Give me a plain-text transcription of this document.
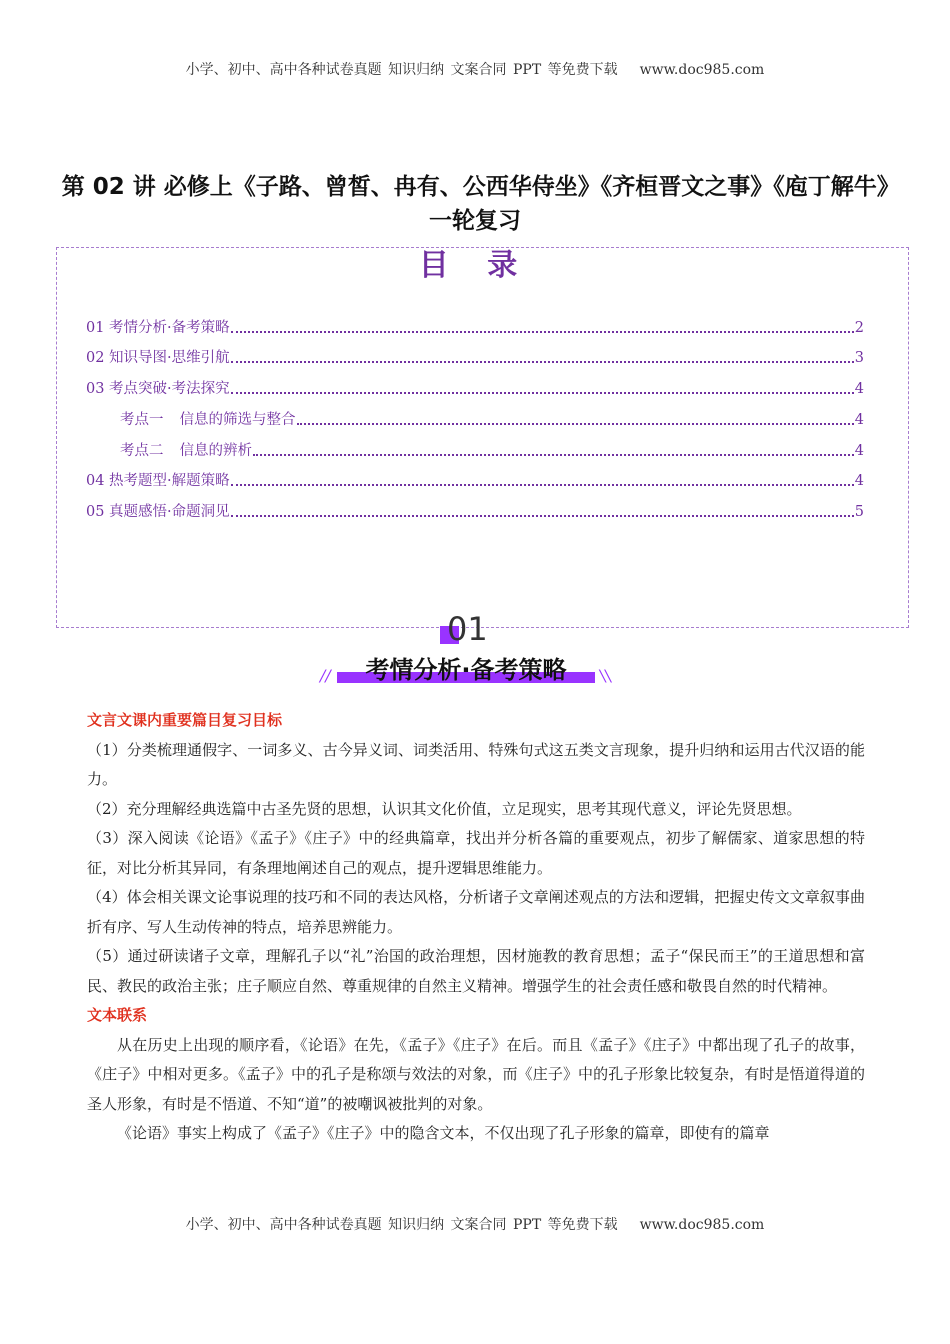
小学、初中、高中各种试卷真题 知识归纳 文案合同 PPT 等免费下载 www.doc985.com
第 02 讲 必修上《子路、曾皙、冉有、公西华侍坐》《齐桓晋文之事》《庖丁解牛》一轮复习
目 录
01 考情分析·备考策略	2
02 知识导图·思维引航	3
03 考点突破·考法探究	4
考点一 信息的筛选与整合	4
考点二 信息的辨析	4
04 热考题型·解题策略	4
05 真题感悟·命题洞见	5
01
考情分析·备考策略
//	//

文言文课内重要篇目复习目标

（1）分类梳理通假字、一词多义、古今异义词、词类活用、特殊句式这五类文言现象，提升归纳和运用古代汉语的能力。

（2）充分理解经典选篇中古圣先贤的思想，认识其文化价值，立足现实，思考其现代意义，评论先贤思想。

（3）深入阅读《论语》《孟子》《庄子》中的经典篇章，找出并分析各篇的重要观点，初步了解儒家、道家思想的特征，对比分析其异同，有条理地阐述自己的观点，提升逻辑思维能力。

（4）体会相关课文论事说理的技巧和不同的表达风格，分析诸子文章阐述观点的方法和逻辑，把握史传文文章叙事曲折有序、写人生动传神的特点，培养思辨能力。

（5）通过研读诸子文章，理解孔子以“礼”治国的政治理想，因材施教的教育思想；孟子“保民而王”的王道思想和富民、教民的政治主张；庄子顺应自然、尊重规律的自然主义精神。增强学生的社会责任感和敬畏自然的时代精神。

文本联系

从在历史上出现的顺序看，《论语》在先，《孟子》《庄子》在后。而且《孟子》《庄子》中都出现了孔子的故事，《庄子》中相对更多。《孟子》中的孔子是称颂与效法的对象，而《庄子》中的孔子形象比较复杂，有时是悟道得道的圣人形象，有时是不悟道、不知“道”的被嘲讽被批判的对象。

《论语》事实上构成了《孟子》《庄子》中的隐含文本，不仅出现了孔子形象的篇章，即使有的篇章

小学、初中、高中各种试卷真题 知识归纳 文案合同 PPT 等免费下载 www.doc985.com
